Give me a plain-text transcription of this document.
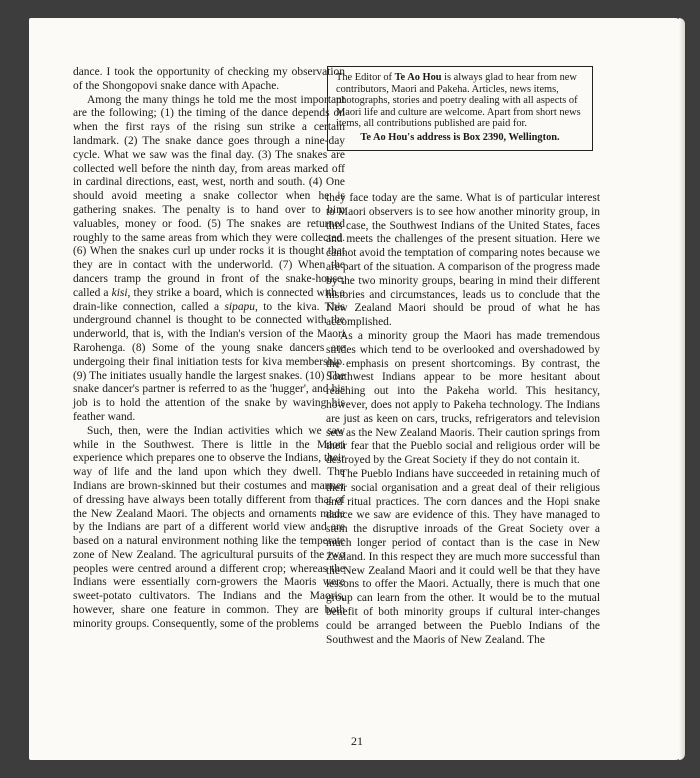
dance. I took the opportunity of checking my observation of the Shongopovi snake dance with Apache.

Among the many things he told me the most important are the following; (1) the timing of the dance depends on when the first rays of the rising sun strike a certain landmark. (2) The snake dance goes through a nine-day cycle. What we saw was the final day. (3) The snakes are collected well before the ninth day, from areas marked off in cardinal directions, east, west, north and south. (4) One should avoid meeting a snake collector when he is gathering snakes. The penalty is to hand over to him valuables, money or food. (5) The snakes are returned roughly to the same areas from which they were collected. (6) When the snakes curl up under rocks it is thought that they are in contact with the underworld. (7) When the dancers tramp the ground in front of the snake-house, called a kisi, they strike a board, which is connected with a drain-like connection, called a sipapu, to the kiva. This underground channel is thought to be connected with the underworld, that is, with the Indian's version of the Maori Rarohenga. (8) Some of the young snake dancers are undergoing their final initiation tests for kiva membership. (9) The initiates usually handle the largest snakes. (10) The snake dancer's partner is referred to as the 'hugger', and his job is to hold the attention of the snake by waving his feather wand.

Such, then, were the Indian activities which we saw while in the Southwest. There is little in the Maori experience which prepares one to observe the Indians, their way of life and the land upon which they dwell. The Indians are brown-skinned but their costumes and manner of dressing have always been totally different from that of the New Zealand Maori. The objects and ornaments made by the Indians are part of a different world view and are based on a natural environment nothing like the temperate zone of New Zealand. The agricultural pursuits of the two peoples were centred around a different crop; whereas the Indians were essentially corn-growers the Maoris were sweet-potato cultivators. The Indians and the Maoris, however, share one feature in common. They are both minority groups. Consequently, some of the problems

The Editor of Te Ao Hou is always glad to hear from new contributors, Maori and Pakeha. Articles, news items, photographs, stories and poetry dealing with all aspects of Maori life and culture are welcome. Apart from short news items, all contributions published are paid for.

Te Ao Hou's address is Box 2390, Wellington.

they face today are the same. What is of particular interest to Maori observers is to see how another minority group, in this case, the Southwest Indians of the United States, faces and meets the challenges of the present situation. Here we cannot avoid the temptation of comparing notes because we are part of the situation. A comparison of the progress made by the two minority groups, bearing in mind their different histories and circumstances, leads us to conclude that the New Zealand Maori should be proud of what he has accomplished.

As a minority group the Maori has made tremendous strides which tend to be overlooked and overshadowed by the emphasis on present shortcomings. By contrast, the Southwest Indians appear to be more hesitant about reaching out into the Pakeha world. This hesitancy, however, does not apply to Pakeha technology. The Indians are just as keen on cars, trucks, refrigerators and television sets as the New Zealand Maoris. Their caution springs from their fear that the Pueblo social and religious order will be destroyed by the Great Society if they do not contain it.

The Pueblo Indians have succeeded in retaining much of their social organisation and a great deal of their religious and ritual practices. The corn dances and the Hopi snake dance we saw are evidence of this. They have managed to stem the disruptive inroads of the Great Society over a much longer period of contact than is the case in New Zealand. In this respect they are much more successful than the New Zealand Maori and it could well be that they have lessons to offer the Maori. Actually, there is much that one group can learn from the other. It would be to the mutual benefit of both minority groups if cultural inter-changes could be arranged between the Pueblo Indians of the Southwest and the Maoris of New Zealand. The

21
